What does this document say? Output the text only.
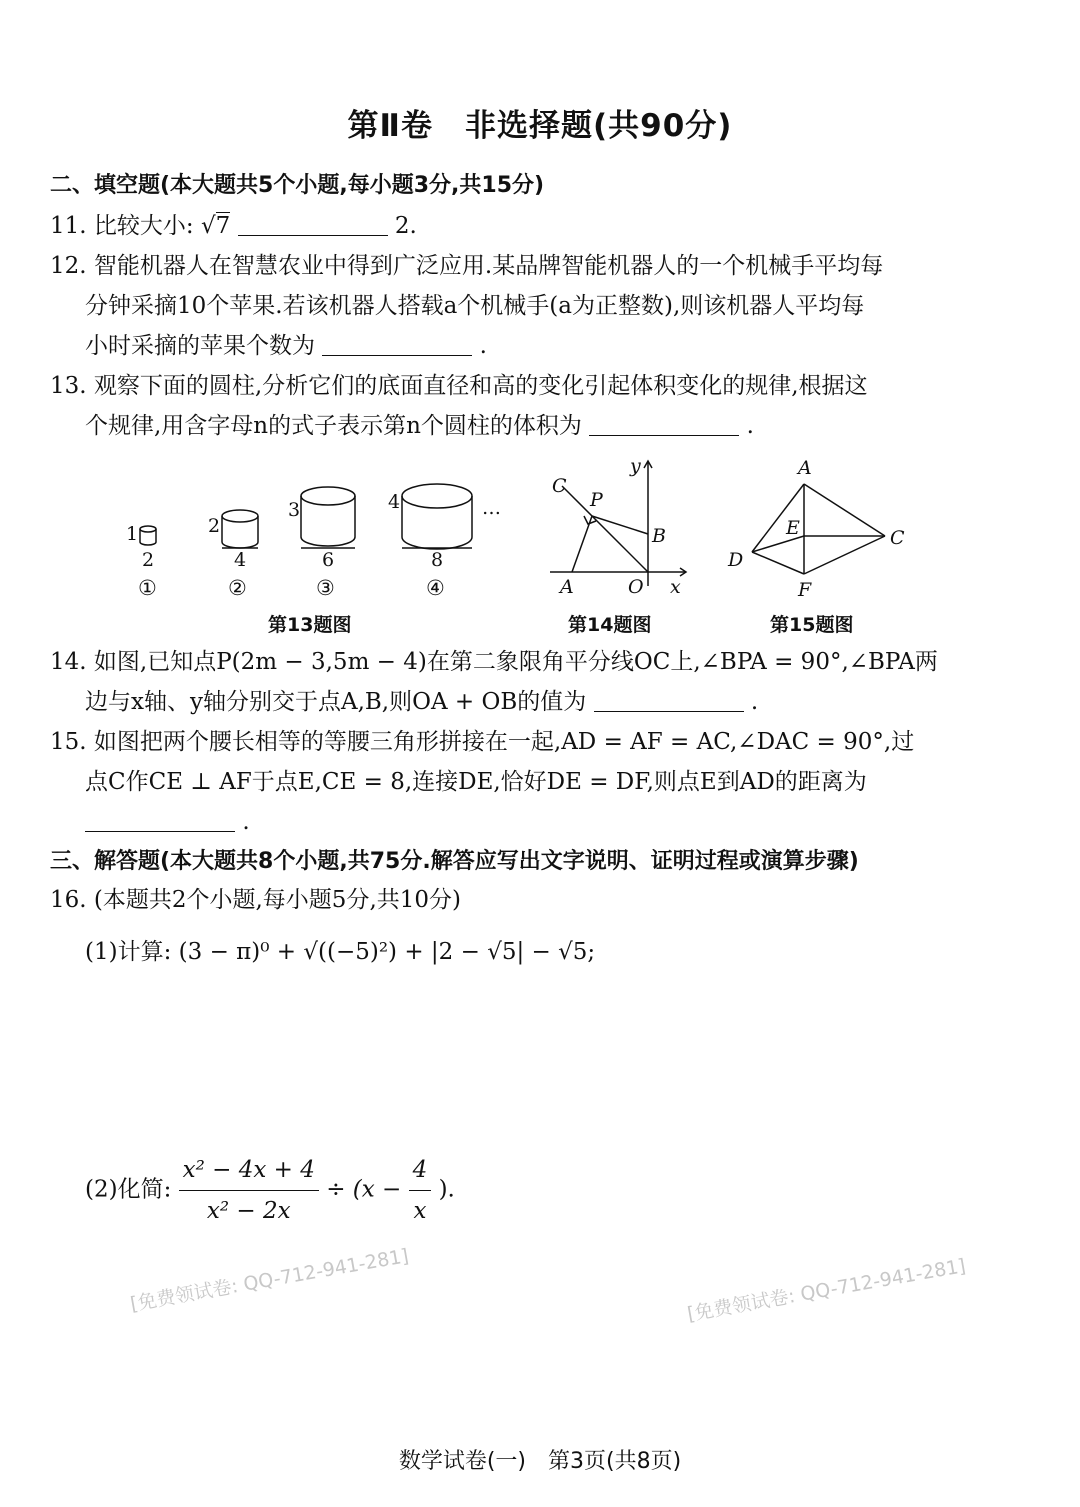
第Ⅱ卷　非选择题(共90分)
二、填空题(本大题共5个小题,每小题3分,共15分)
11. 比较大小: √7	2.
12. 智能机器人在智慧农业中得到广泛应用.某品牌智能机器人的一个机械手平均每
分钟采摘10个苹果.若该机器人搭载a个机械手(a为正整数),则该机器人平均每
小时采摘的苹果个数为	.
13. 观察下面的圆柱,分析它们的底面直径和高的变化引起体积变化的规律,根据这
个规律,用含字母n的式子表示第n个圆柱的体积为	.
1
2
2
4
3
6
4
8
…
①	②	③	④
C
P
B
A	O x
y	A
E	C
D
F
第13题图	第14题图	第15题图
14. 如图,已知点P(2m − 3,5m − 4)在第二象限角平分线OC上,∠BPA = 90°,∠BPA两
边与x轴、y轴分别交于点A,B,则OA + OB的值为	.
15. 如图把两个腰长相等的等腰三角形拼接在一起,AD = AF = AC,∠DAC = 90°,过
点C作CE ⊥ AF于点E,CE = 8,连接DE,恰好DE = DF,则点E到AD的距离为
.
三、解答题(本大题共8个小题,共75分.解答应写出文字说明、证明过程或演算步骤)
16. (本题共2个小题,每小题5分,共10分)
(1)计算: (3 − π)⁰ + √((−5)²) + |2 − √5| − √5;
(2)化简: $\frac{\text{x² − 4x + 4}}{\text{x² − 2x}} \div (x - \frac{4}{x}$ ).
[免费领试卷: QQ-712-941-281]	[免费领试卷: QQ-712-941-281]
数学试卷(一)　第3页(共8页)
